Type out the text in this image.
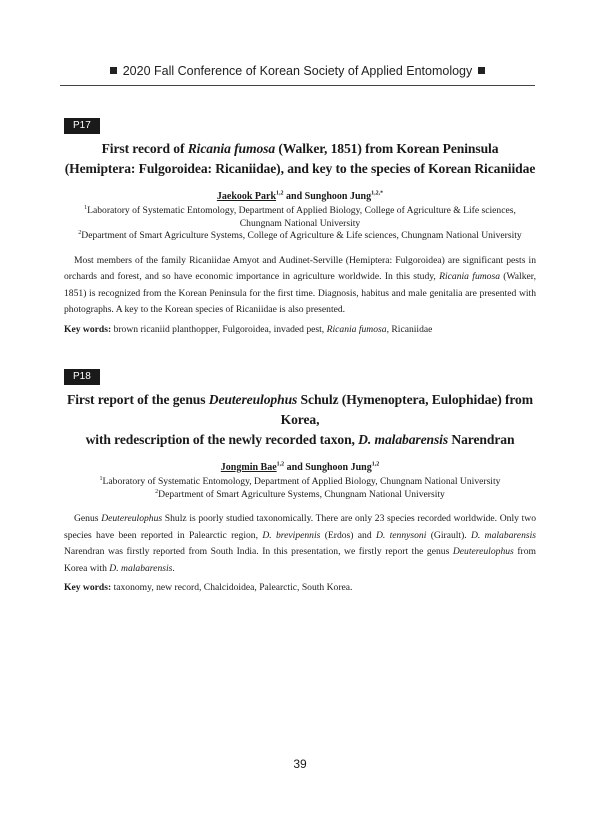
2020 Fall Conference of Korean Society of Applied Entomology
P17
First record of Ricania fumosa (Walker, 1851) from Korean Peninsula
(Hemiptera: Fulgoroidea: Ricaniidae), and key to the species of Korean Ricaniidae
Jaekook Park$^{1,2}$ and Sunghoon Jung$^{1,2,*}$
$^1$Laboratory of Systematic Entomology, Department of Applied Biology, College of Agriculture & Life sciences,
Chungnam National University
$^2$Department of Smart Agriculture Systems, College of Agriculture & Life sciences, Chungnam National University
Most members of the family Ricaniidae Amyot and Audinet-Serville (Hemiptera: Fulgoroidea) are significant pests in orchards and forest, and so have economic importance in agriculture worldwide. In this study, Ricania fumosa (Walker, 1851) is recognized from the Korean Peninsula for the first time. Diagnosis, habitus and male genitalia are presented with photographs. A key to the Korean species of Ricaniidae is also presented.
Key words: brown ricaniid planthopper, Fulgoroidea, invaded pest, Ricania fumosa, Ricaniidae
P18
First report of the genus Deutereulophus Schulz (Hymenoptera, Eulophidae) from Korea,
with redescription of the newly recorded taxon, D. malabarensis Narendran
Jongmin Bae$^{1,2}$ and Sunghoon Jung$^{1,2}$
$^1$Laboratory of Systematic Entomology, Department of Applied Biology, Chungnam National University
$^2$Department of Smart Agriculture Systems, Chungnam National University
Genus Deutereulophus Shulz is poorly studied taxonomically. There are only 23 species recorded worldwide. Only two species have been reported in Palearctic region, D. brevipennis (Erdos) and D. tennysoni (Girault). D. malabarensis Narendran was firstly reported from South India. In this presentation, we firstly report the genus Deutereulophus from Korea with D. malabarensis.
Key words: taxonomy, new record, Chalcidoidea, Palearctic, South Korea.
39
